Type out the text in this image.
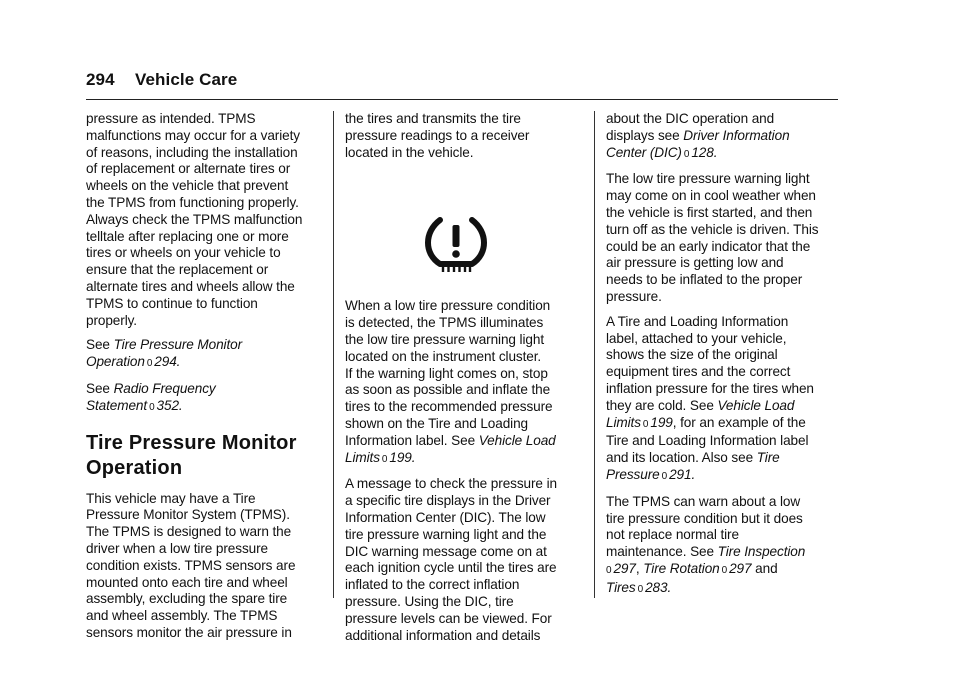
294 Vehicle Care

pressure as intended. TPMS
malfunctions may occur for a variety
of reasons, including the installation
of replacement or alternate tires or
wheels on the vehicle that prevent
the TPMS from functioning properly.
Always check the TPMS malfunction
telltale after replacing one or more
tires or wheels on your vehicle to
ensure that the replacement or
alternate tires and wheels allow the
TPMS to continue to function
properly.

See Tire Pressure Monitor
Operation 0 294.

See Radio Frequency
Statement 0 352.

Tire Pressure Monitor
Operation

This vehicle may have a Tire
Pressure Monitor System (TPMS).
The TPMS is designed to warn the
driver when a low tire pressure
condition exists. TPMS sensors are
mounted onto each tire and wheel
assembly, excluding the spare tire
and wheel assembly. The TPMS
sensors monitor the air pressure in

the tires and transmits the tire
pressure readings to a receiver
located in the vehicle.

When a low tire pressure condition
is detected, the TPMS illuminates
the low tire pressure warning light
located on the instrument cluster.
If the warning light comes on, stop
as soon as possible and inflate the
tires to the recommended pressure
shown on the Tire and Loading
Information label. See Vehicle Load
Limits 0 199.

A message to check the pressure in
a specific tire displays in the Driver
Information Center (DIC). The low
tire pressure warning light and the
DIC warning message come on at
each ignition cycle until the tires are
inflated to the correct inflation
pressure. Using the DIC, tire
pressure levels can be viewed. For
additional information and details

about the DIC operation and
displays see Driver Information
Center (DIC) 0 128.

The low tire pressure warning light
may come on in cool weather when
the vehicle is first started, and then
turn off as the vehicle is driven. This
could be an early indicator that the
air pressure is getting low and
needs to be inflated to the proper
pressure.

A Tire and Loading Information
label, attached to your vehicle,
shows the size of the original
equipment tires and the correct
inflation pressure for the tires when
they are cold. See Vehicle Load
Limits 0 199, for an example of the
Tire and Loading Information label
and its location. Also see Tire
Pressure 0 291.

The TPMS can warn about a low
tire pressure condition but it does
not replace normal tire
maintenance. See Tire Inspection
0 297, Tire Rotation 0 297 and
Tires 0 283.
